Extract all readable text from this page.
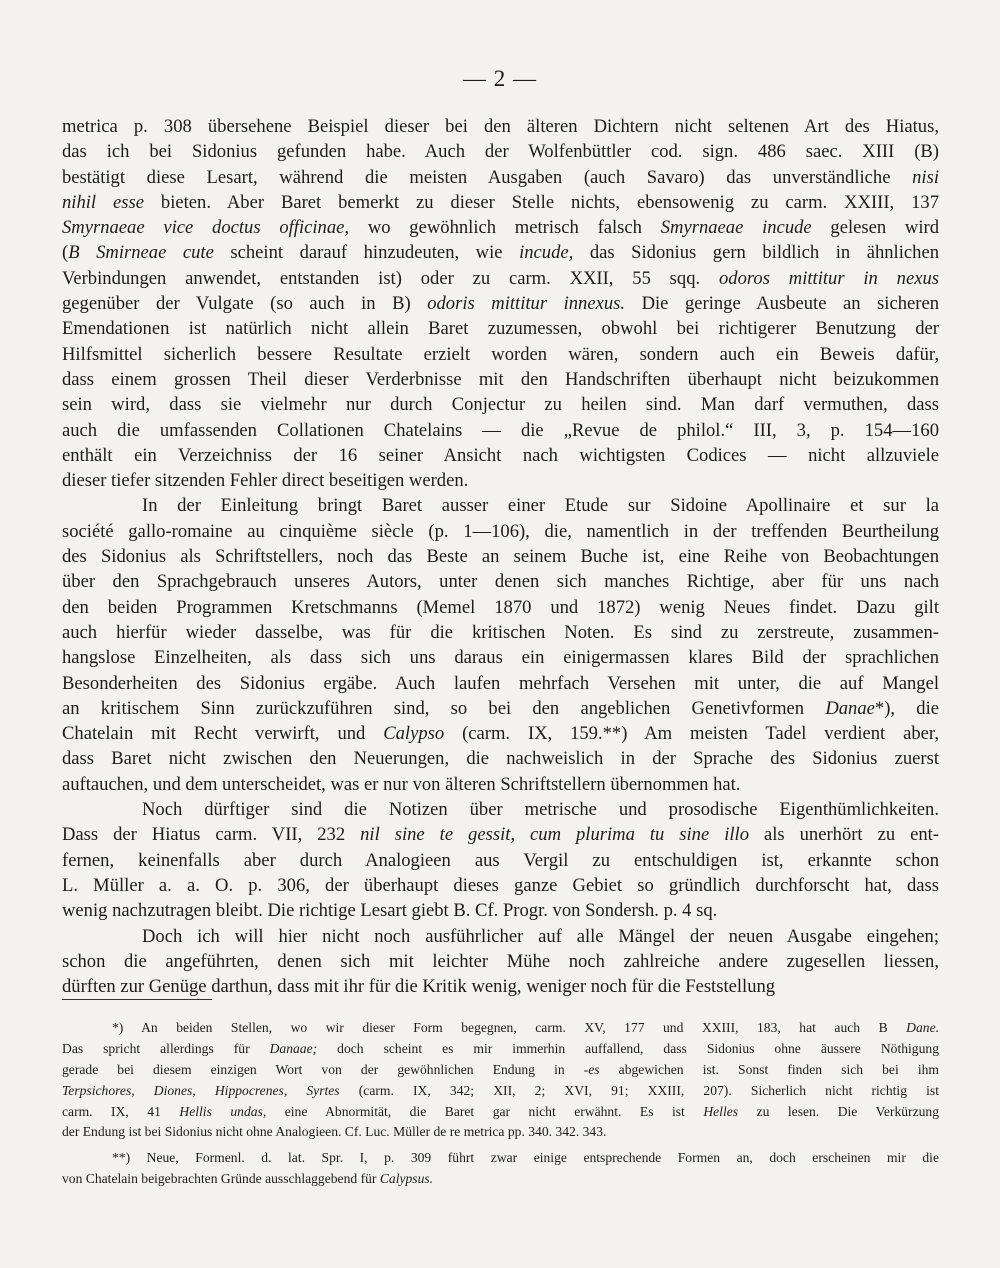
— 2 —
metrica p. 308 übersehene Beispiel dieser bei den älteren Dichtern nicht seltenen Art des Hiatus,
das ich bei Sidonius gefunden habe. Auch der Wolfenbüttler cod. sign. 486 saec. XIII (B)
bestätigt diese Lesart, während die meisten Ausgaben (auch Savaro) das unverständliche nisi
nihil esse bieten. Aber Baret bemerkt zu dieser Stelle nichts, ebensowenig zu carm. XXIII, 137
Smyrnaeae vice doctus officinae, wo gewöhnlich metrisch falsch Smyrnaeae incude gelesen wird
(B Smirneae cute scheint darauf hinzudeuten, wie incude, das Sidonius gern bildlich in ähnlichen
Verbindungen anwendet, entstanden ist) oder zu carm. XXII, 55 sqq. odoros mittitur in nexus
gegenüber der Vulgate (so auch in B) odoris mittitur innexus. Die geringe Ausbeute an sicheren
Emendationen ist natürlich nicht allein Baret zuzumessen, obwohl bei richtigerer Benutzung der
Hilfsmittel sicherlich bessere Resultate erzielt worden wären, sondern auch ein Beweis dafür,
dass einem grossen Theil dieser Verderbnisse mit den Handschriften überhaupt nicht beizukommen
sein wird, dass sie vielmehr nur durch Conjectur zu heilen sind. Man darf vermuthen, dass
auch die umfassenden Collationen Chatelains — die „Revue de philol.“ III, 3, p. 154—160
enthält ein Verzeichniss der 16 seiner Ansicht nach wichtigsten Codices — nicht allzuviele
dieser tiefer sitzenden Fehler direct beseitigen werden.
In der Einleitung bringt Baret ausser einer Etude sur Sidoine Apollinaire et sur la
société gallo-romaine au cinquième siècle (p. 1—106), die, namentlich in der treffenden Beurtheilung
des Sidonius als Schriftstellers, noch das Beste an seinem Buche ist, eine Reihe von Beobachtungen
über den Sprachgebrauch unseres Autors, unter denen sich manches Richtige, aber für uns nach
den beiden Programmen Kretschmanns (Memel 1870 und 1872) wenig Neues findet. Dazu gilt
auch hierfür wieder dasselbe, was für die kritischen Noten. Es sind zu zerstreute, zusammen-
hangslose Einzelheiten, als dass sich uns daraus ein einigermassen klares Bild der sprachlichen
Besonderheiten des Sidonius ergäbe. Auch laufen mehrfach Versehen mit unter, die auf Mangel
an kritischem Sinn zurückzuführen sind, so bei den angeblichen Genetivformen Danae*), die
Chatelain mit Recht verwirft, und Calypso (carm. IX, 159.**) Am meisten Tadel verdient aber,
dass Baret nicht zwischen den Neuerungen, die nachweislich in der Sprache des Sidonius zuerst
auftauchen, und dem unterscheidet, was er nur von älteren Schriftstellern übernommen hat.
Noch dürftiger sind die Notizen über metrische und prosodische Eigenthümlichkeiten.
Dass der Hiatus carm. VII, 232 nil sine te gessit, cum plurima tu sine illo als unerhört zu ent-
fernen, keinenfalls aber durch Analogieen aus Vergil zu entschuldigen ist, erkannte schon
L. Müller a. a. O. p. 306, der überhaupt dieses ganze Gebiet so gründlich durchforscht hat, dass
wenig nachzutragen bleibt. Die richtige Lesart giebt B. Cf. Progr. von Sondersh. p. 4 sq.
Doch ich will hier nicht noch ausführlicher auf alle Mängel der neuen Ausgabe eingehen;
schon die angeführten, denen sich mit leichter Mühe noch zahlreiche andere zugesellen liessen,
dürften zur Genüge darthun, dass mit ihr für die Kritik wenig, weniger noch für die Feststellung
*) An beiden Stellen, wo wir dieser Form begegnen, carm. XV, 177 und XXIII, 183, hat auch B Dane.
Das spricht allerdings für Danaae; doch scheint es mir immerhin auffallend, dass Sidonius ohne äussere Nöthigung
gerade bei diesem einzigen Wort von der gewöhnlichen Endung in -es abgewichen ist. Sonst finden sich bei ihm
Terpsichores, Diones, Hippocrenes, Syrtes (carm. IX, 342; XII, 2; XVI, 91; XXIII, 207). Sicherlich nicht richtig ist
carm. IX, 41 Hellis undas, eine Abnormität, die Baret gar nicht erwähnt. Es ist Helles zu lesen. Die Verkürzung
der Endung ist bei Sidonius nicht ohne Analogieen. Cf. Luc. Müller de re metrica pp. 340. 342. 343.
**) Neue, Formenl. d. lat. Spr. I, p. 309 führt zwar einige entsprechende Formen an, doch erscheinen mir die
von Chatelain beigebrachten Gründe ausschlaggebend für Calypsus.
